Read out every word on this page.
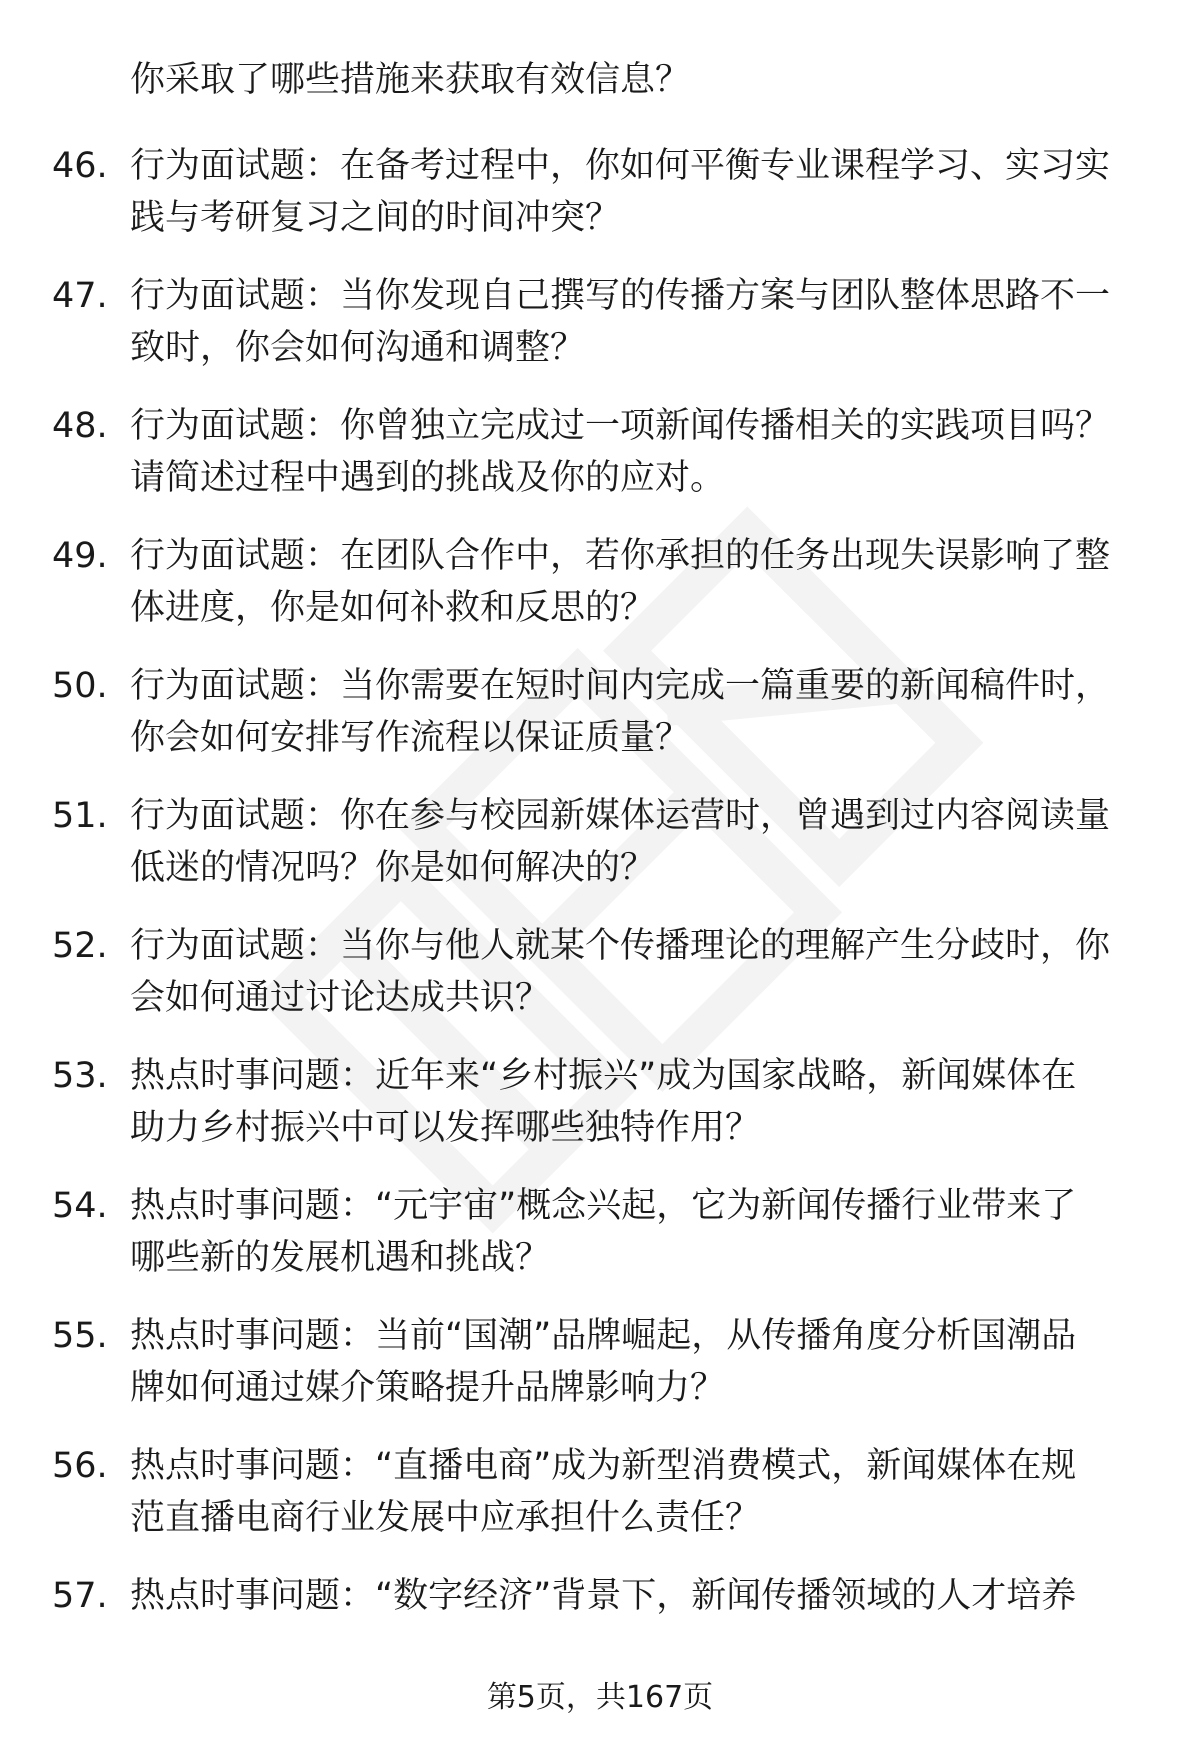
你采取了哪些措施来获取有效信息？
46. 行为面试题：在备考过程中，你如何平衡专业课程学习、实习实
践与考研复习之间的时间冲突？
47. 行为面试题：当你发现自己撰写的传播方案与团队整体思路不一
致时，你会如何沟通和调整？
48. 行为面试题：你曾独立完成过一项新闻传播相关的实践项目吗？
请简述过程中遇到的挑战及你的应对。
49. 行为面试题：在团队合作中，若你承担的任务出现失误影响了整
体进度，你是如何补救和反思的？
50. 行为面试题：当你需要在短时间内完成一篇重要的新闻稿件时，
你会如何安排写作流程以保证质量？
51. 行为面试题：你在参与校园新媒体运营时，曾遇到过内容阅读量
低迷的情况吗？你是如何解决的？
52. 行为面试题：当你与他人就某个传播理论的理解产生分歧时，你
会如何通过讨论达成共识？
53. 热点时事问题：近年来“乡村振兴”成为国家战略，新闻媒体在
助力乡村振兴中可以发挥哪些独特作用？
54. 热点时事问题：“元宇宙”概念兴起，它为新闻传播行业带来了
哪些新的发展机遇和挑战？
55. 热点时事问题：当前“国潮”品牌崛起，从传播角度分析国潮品
牌如何通过媒介策略提升品牌影响力？
56. 热点时事问题：“直播电商”成为新型消费模式，新闻媒体在规
范直播电商行业发展中应承担什么责任？
57. 热点时事问题：“数字经济”背景下，新闻传播领域的人才培养
第5页，共167页
